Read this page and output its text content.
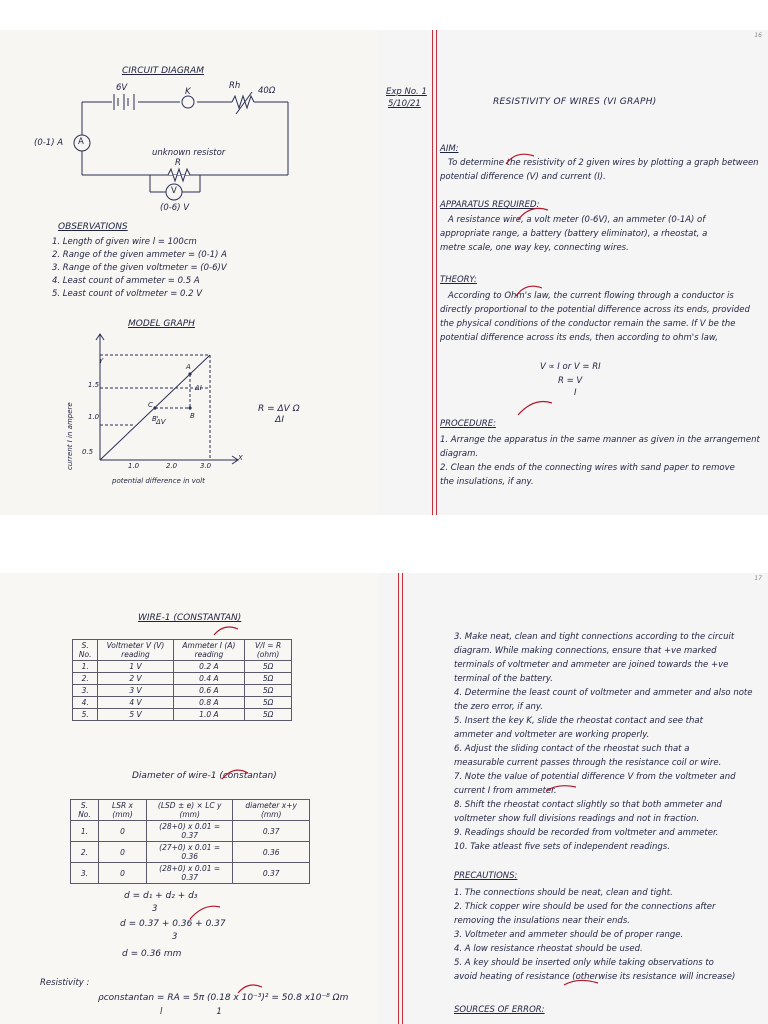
CIRCUIT DIAGRAM
6V	K
Rh 40Ω
A
(0-1) A
unknown resistor
R
V
(0-6) V
OBSERVATIONS
1. Length of given wire l = 100cm
2. Range of the given ammeter = (0-1) A
3. Range of the given voltmeter = (0-6)V
4. Least count of ammeter = 0.5 A
5. Least count of voltmeter = 0.2 V
MODEL GRAPH
Y
X
1.5
1.0
0.5
1.0	2.0	3.0
A
C
B
B'
ΔV
ΔI
current I in ampere
potential difference in volt
R = ΔV Ω
ΔI
16
Exp No. 1
5/10/21	RESISTIVITY OF WIRES (VI GRAPH)
AIM:
To determine the resistivity of 2 given wires by plotting a graph between
potential difference (V) and current (I).
APPARATUS REQUIRED:
A resistance wire, a volt meter (0-6V), an ammeter (0-1A) of
appropriate range, a battery (battery eliminator), a rheostat, a
metre scale, one way key, connecting wires.
THEORY:
According to Ohm's law, the current flowing through a conductor is
directly proportional to the potential difference across its ends, provided
the physical conditions of the conductor remain the same. If V be the
potential difference across its ends, then according to ohm's law,
V ∝ I or V = RI
R = V
I
PROCEDURE:
1. Arrange the apparatus in the same manner as given in the arrangement
diagram.
2. Clean the ends of the connecting wires with sand paper to remove
the insulations, if any.
WIRE-1 (CONSTANTAN)
S. No.	Voltmeter V (V) reading	Ammeter I (A) reading	V/I = R (ohm)
1.	1 V	0.2 A	5Ω
2.	2 V	0.4 A	5Ω
3.	3 V	0.6 A	5Ω
4.	4 V	0.8 A	5Ω
5.	5 V	1.0 A	5Ω
Diameter of wire-1 (constantan)
S. No.	LSR x (mm)	(LSD ± e) × LC y (mm)	diameter x+y (mm)
1.	0	(28+0) x 0.01 = 0.37	0.37
2.	0	(27+0) x 0.01 = 0.36	0.36
3.	0	(28+0) x 0.01 = 0.37	0.37
d = d₁ + d₂ + d₃
3
d = 0.37 + 0.36 + 0.37
3
d = 0.36 mm
Resistivity :
ρconstantan = RA = 5π (0.18 x 10⁻³)² = 50.8 x10⁻⁸ Ωm
l                    1
17
3. Make neat, clean and tight connections according to the circuit
diagram. While making connections, ensure that +ve marked
terminals of voltmeter and ammeter are joined towards the +ve
terminal of the battery.
4. Determine the least count of voltmeter and ammeter and also note
the zero error, if any.
5. Insert the key K, slide the rheostat contact and see that
ammeter and voltmeter are working properly.
6. Adjust the sliding contact of the rheostat such that a
measurable current passes through the resistance coil or wire.
7. Note the value of potential difference V from the voltmeter and
current I from ammeter.
8. Shift the rheostat contact slightly so that both ammeter and
voltmeter show full divisions readings and not in fraction.
9. Readings should be recorded from voltmeter and ammeter.
10. Take atleast five sets of independent readings.
PRECAUTIONS:
1. The connections should be neat, clean and tight.
2. Thick copper wire should be used for the connections after
removing the insulations near their ends.
3. Voltmeter and ammeter should be of proper range.
4. A low resistance rheostat should be used.
5. A key should be inserted only while taking observations to
avoid heating of resistance (otherwise its resistance will increase)
SOURCES OF ERROR:
